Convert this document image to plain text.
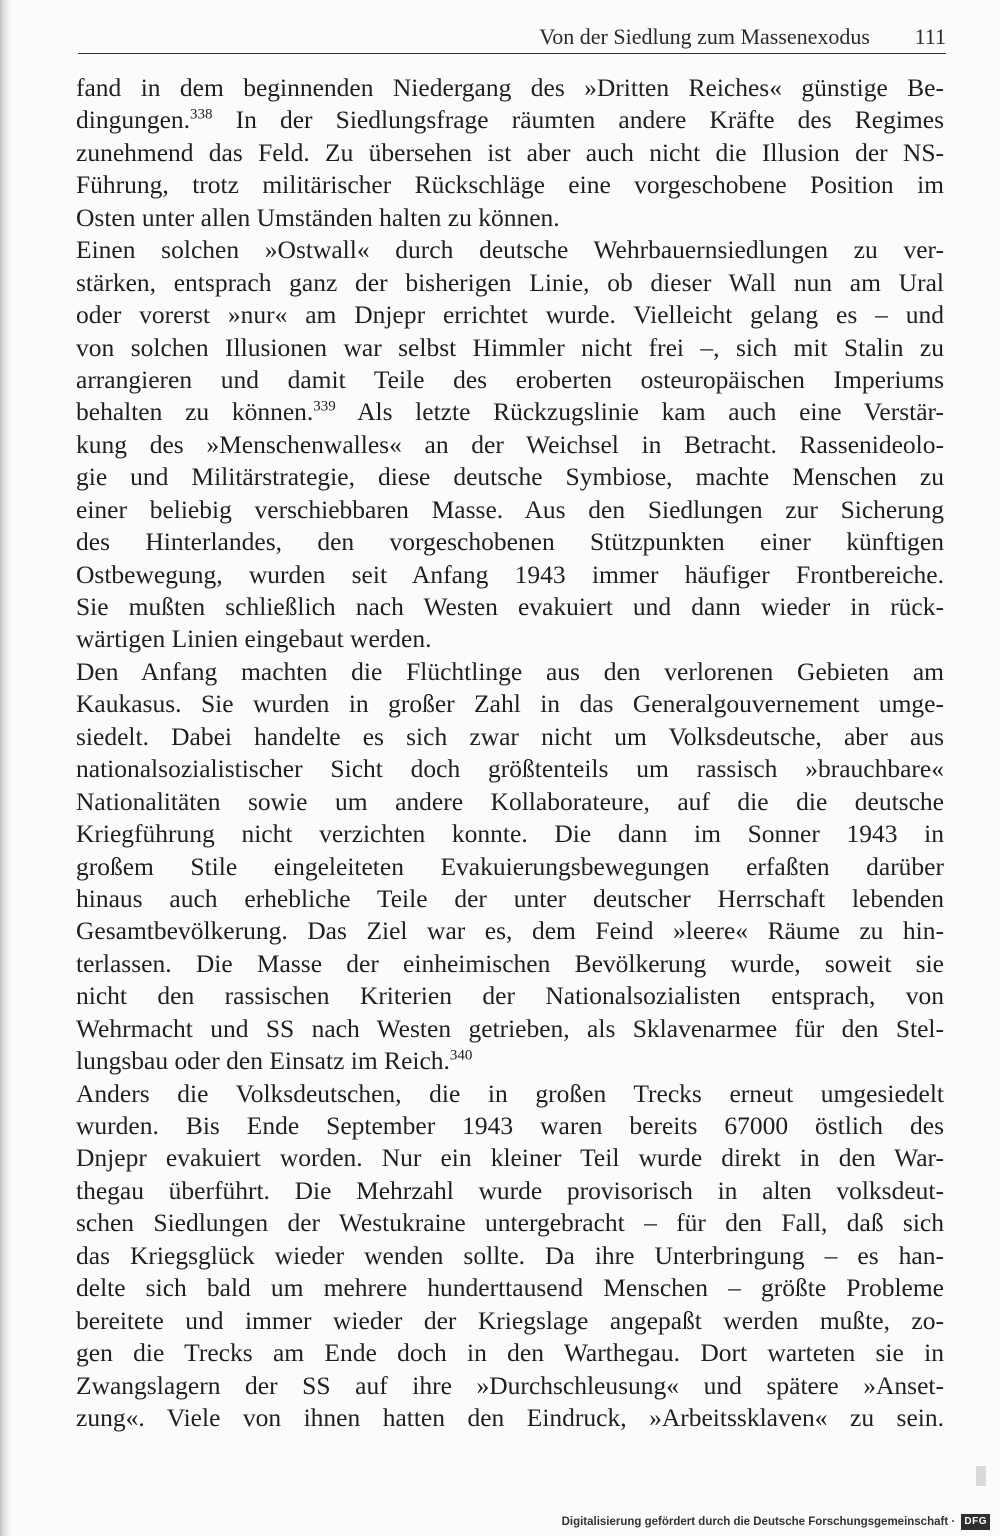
Von der Siedlung zum Massenexodus 111
fand in dem beginnenden Niedergang des »Dritten Reiches« günstige Be-
dingungen.$^{338}$ In der Siedlungsfrage räumten andere Kräfte des Regimes
zunehmend das Feld. Zu übersehen ist aber auch nicht die Illusion der NS-
Führung, trotz militärischer Rückschläge eine vorgeschobene Position im
Osten unter allen Umständen halten zu können.
Einen solchen »Ostwall« durch deutsche Wehrbauernsiedlungen zu ver-
stärken, entsprach ganz der bisherigen Linie, ob dieser Wall nun am Ural
oder vorerst »nur« am Dnjepr errichtet wurde. Vielleicht gelang es – und
von solchen Illusionen war selbst Himmler nicht frei –, sich mit Stalin zu
arrangieren und damit Teile des eroberten osteuropäischen Imperiums
behalten zu können.$^{339}$ Als letzte Rückzugslinie kam auch eine Verstär-
kung des »Menschenwalles« an der Weichsel in Betracht. Rassenideolo-
gie und Militärstrategie, diese deutsche Symbiose, machte Menschen zu
einer beliebig verschiebbaren Masse. Aus den Siedlungen zur Sicherung
des Hinterlandes, den vorgeschobenen Stützpunkten einer künftigen
Ostbewegung, wurden seit Anfang 1943 immer häufiger Frontbereiche.
Sie mußten schließlich nach Westen evakuiert und dann wieder in rück-
wärtigen Linien eingebaut werden.
Den Anfang machten die Flüchtlinge aus den verlorenen Gebieten am
Kaukasus. Sie wurden in großer Zahl in das Generalgouvernement umge-
siedelt. Dabei handelte es sich zwar nicht um Volksdeutsche, aber aus
nationalsozialistischer Sicht doch größtenteils um rassisch »brauchbare«
Nationalitäten sowie um andere Kollaborateure, auf die die deutsche
Kriegführung nicht verzichten konnte. Die dann im Sonner 1943 in
großem Stile eingeleiteten Evakuierungsbewegungen erfaßten darüber
hinaus auch erhebliche Teile der unter deutscher Herrschaft lebenden
Gesamtbevölkerung. Das Ziel war es, dem Feind »leere« Räume zu hin-
terlassen. Die Masse der einheimischen Bevölkerung wurde, soweit sie
nicht den rassischen Kriterien der Nationalsozialisten entsprach, von
Wehrmacht und SS nach Westen getrieben, als Sklavenarmee für den Stel-
lungsbau oder den Einsatz im Reich.$^{340}$
Anders die Volksdeutschen, die in großen Trecks erneut umgesiedelt
wurden. Bis Ende September 1943 waren bereits 67000 östlich des
Dnjepr evakuiert worden. Nur ein kleiner Teil wurde direkt in den War-
thegau überführt. Die Mehrzahl wurde provisorisch in alten volksdeut-
schen Siedlungen der Westukraine untergebracht – für den Fall, daß sich
das Kriegsglück wieder wenden sollte. Da ihre Unterbringung – es han-
delte sich bald um mehrere hunderttausend Menschen – größte Probleme
bereitete und immer wieder der Kriegslage angepaßt werden mußte, zo-
gen die Trecks am Ende doch in den Warthegau. Dort warteten sie in
Zwangslagern der SS auf ihre »Durchschleusung« und spätere »Anset-
zung«. Viele von ihnen hatten den Eindruck, »Arbeitssklaven« zu sein.
Digitalisierung gefördert durch die Deutsche Forschungsgemeinschaft · DFG
